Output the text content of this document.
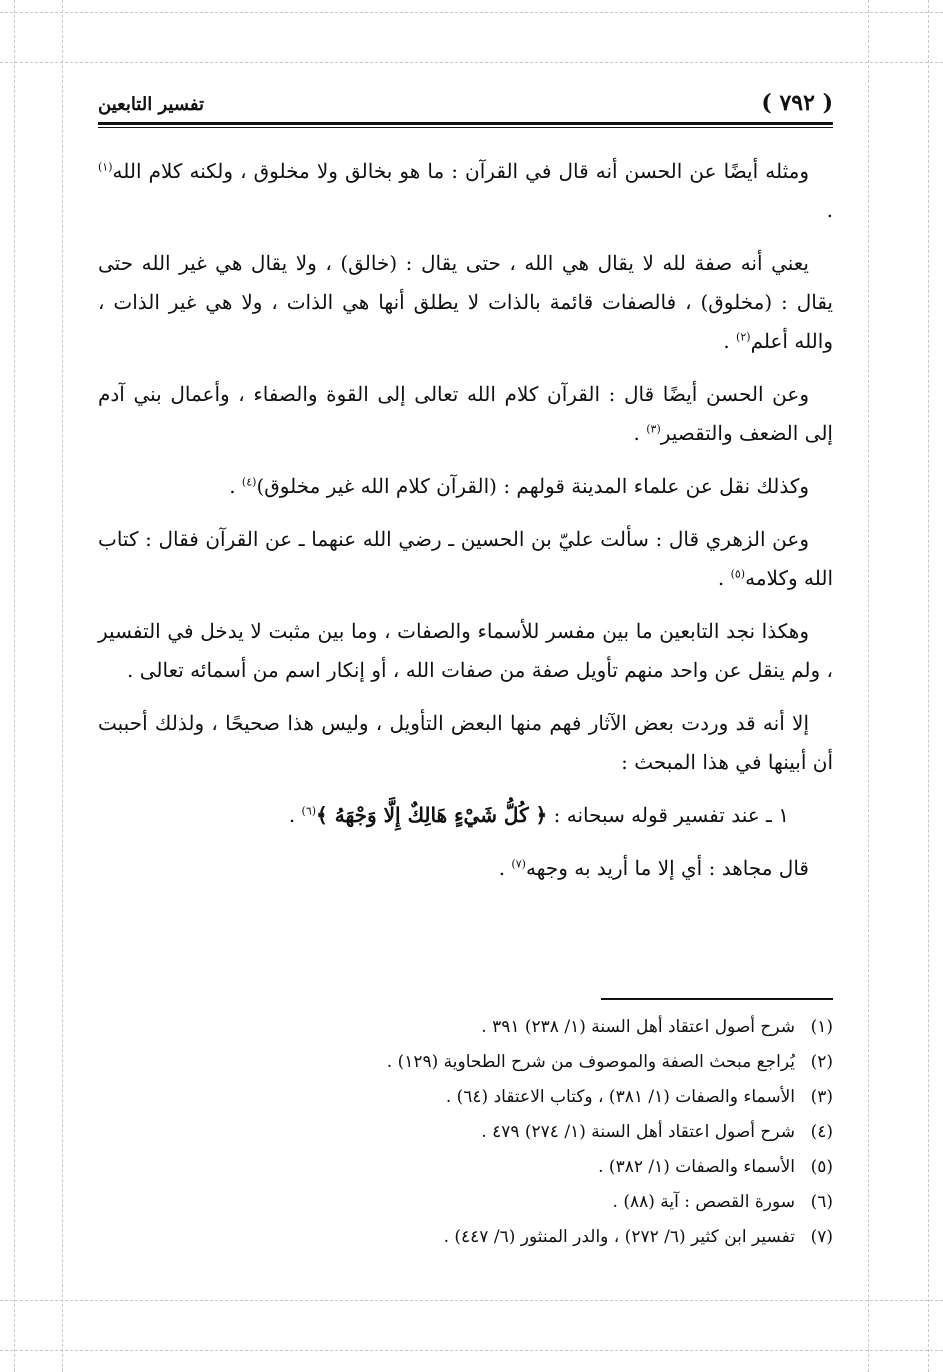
( ٧٩٢ )
تفسير التابعين

ومثله أيضًا عن الحسن أنه قال في القرآن : ما هو بخالق ولا مخلوق ، ولكنه كلام الله$^{(١)}$ .

يعني أنه صفة لله لا يقال هي الله ، حتى يقال : (خالق) ، ولا يقال هي غير الله حتى يقال : (مخلوق) ، فالصفات قائمة بالذات لا يطلق أنها هي الذات ، ولا هي غير الذات ، والله أعلم$^{(٢)}$ .

وعن الحسن أيضًا قال : القرآن كلام الله تعالى إلى القوة والصفاء ، وأعمال بني آدم إلى الضعف والتقصير$^{(٣)}$ .

وكذلك نقل عن علماء المدينة قولهم : (القرآن كلام الله غير مخلوق)$^{(٤)}$ .

وعن الزهري قال : سألت عليّ بن الحسين ـ رضي الله عنهما ـ عن القرآن فقال : كتاب الله وكلامه$^{(٥)}$ .

وهكذا نجد التابعين ما بين مفسر للأسماء والصفات ، وما بين مثبت لا يدخل في التفسير ، ولم ينقل عن واحد منهم تأويل صفة من صفات الله ، أو إنكار اسم من أسمائه تعالى .

إلا أنه قد وردت بعض الآثار فهم منها البعض التأويل ، وليس هذا صحيحًا ، ولذلك أحببت أن أبينها في هذا المبحث :

١ ـ عند تفسير قوله سبحانه : ﴿ كُلُّ شَيْءٍ هَالِكٌ إِلَّا وَجْهَهُ ﴾$^{(٦)}$ .

قال مجاهد : أي إلا ما أريد به وجهه$^{(٧)}$ .

(١)
شرح أصول اعتقاد أهل السنة (١/ ٢٣٨) ٣٩١ .
(٢)
يُراجع مبحث الصفة والموصوف من شرح الطحاوية (١٢٩) .
(٣)
الأسماء والصفات (١/ ٣٨١) ، وكتاب الاعتقاد (٦٤) .
(٤)
شرح أصول اعتقاد أهل السنة (١/ ٢٧٤) ٤٧٩ .
(٥)
الأسماء والصفات (١/ ٣٨٢) .
(٦)
سورة القصص : آية (٨٨) .
(٧)
تفسير ابن كثير (٦/ ٢٧٢) ، والدر المنثور (٦/ ٤٤٧) .
